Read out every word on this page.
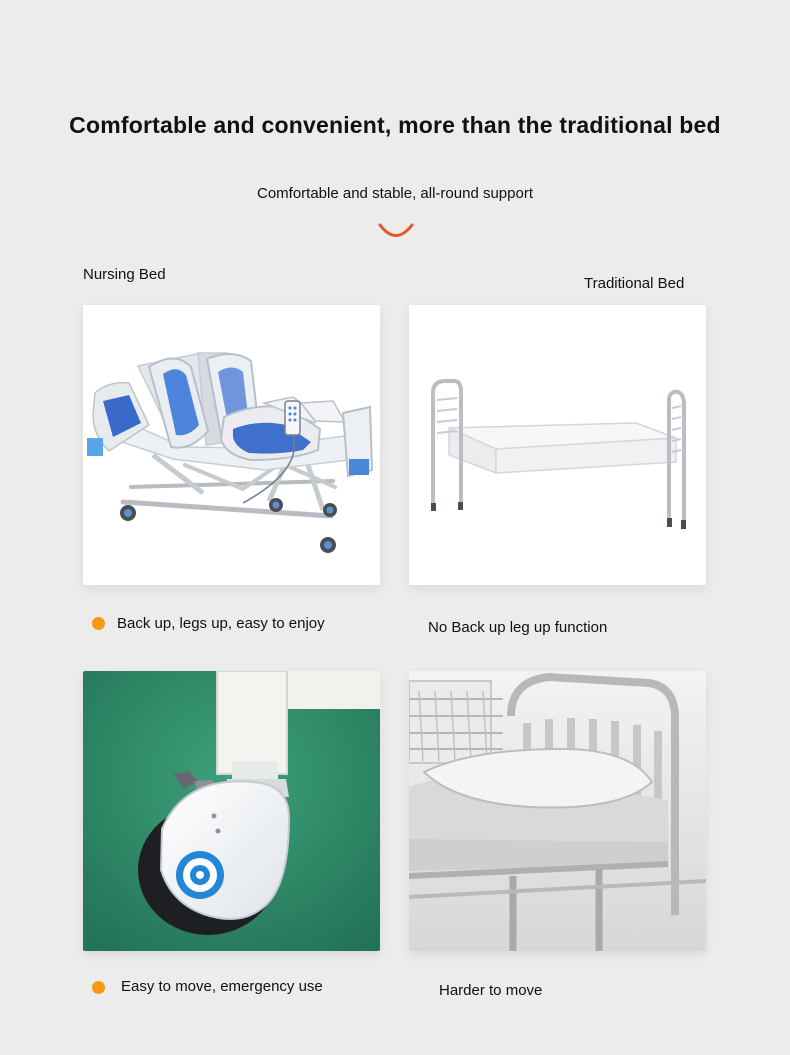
Comfortable and convenient, more than the traditional bed
Comfortable and stable, all-round support
Nursing Bed
Traditional Bed
Back up, legs up, easy to enjoy	No Back up leg up function
Easy to move, emergency use	Harder to move
